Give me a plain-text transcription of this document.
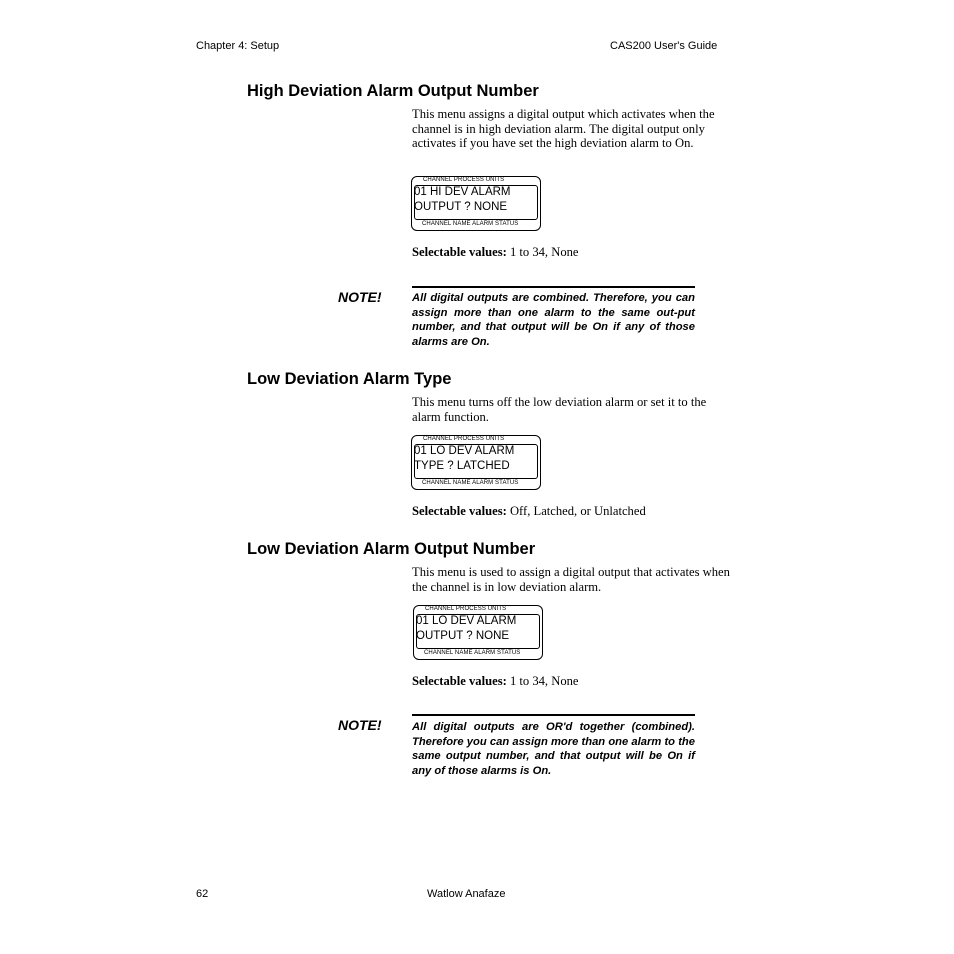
Chapter 4: Setup	CAS200 User's Guide
High Deviation Alarm Output Number
This menu assigns a digital output which activates when the channel is in high deviation alarm. The digital output only activates if you have set the high deviation alarm to On.
CHANNEL PROCESS UNITS
01 HI DEV ALARM
OUTPUT ? NONE
CHANNEL NAME ALARM STATUS
Selectable values: 1 to 34, None
NOTE!	All digital outputs are combined. Therefore, you can assign more than one alarm to the same out-put number, and that output will be On if any of those alarms are On.
Low Deviation Alarm Type
This menu turns off the low deviation alarm or set it to the alarm function.
CHANNEL PROCESS UNITS
01 LO DEV ALARM
TYPE ? LATCHED
CHANNEL NAME ALARM STATUS
Selectable values: Off, Latched, or Unlatched
Low Deviation Alarm Output Number
This menu is used to assign a digital output that activates when the channel is in low deviation alarm.
CHANNEL PROCESS UNITS
01 LO DEV ALARM
OUTPUT ? NONE
CHANNEL NAME ALARM STATUS
Selectable values: 1 to 34, None
NOTE!	All digital outputs are OR'd together (combined). Therefore you can assign more than one alarm to the same output number, and that output will be On if any of those alarms is On.
62	Watlow Anafaze
